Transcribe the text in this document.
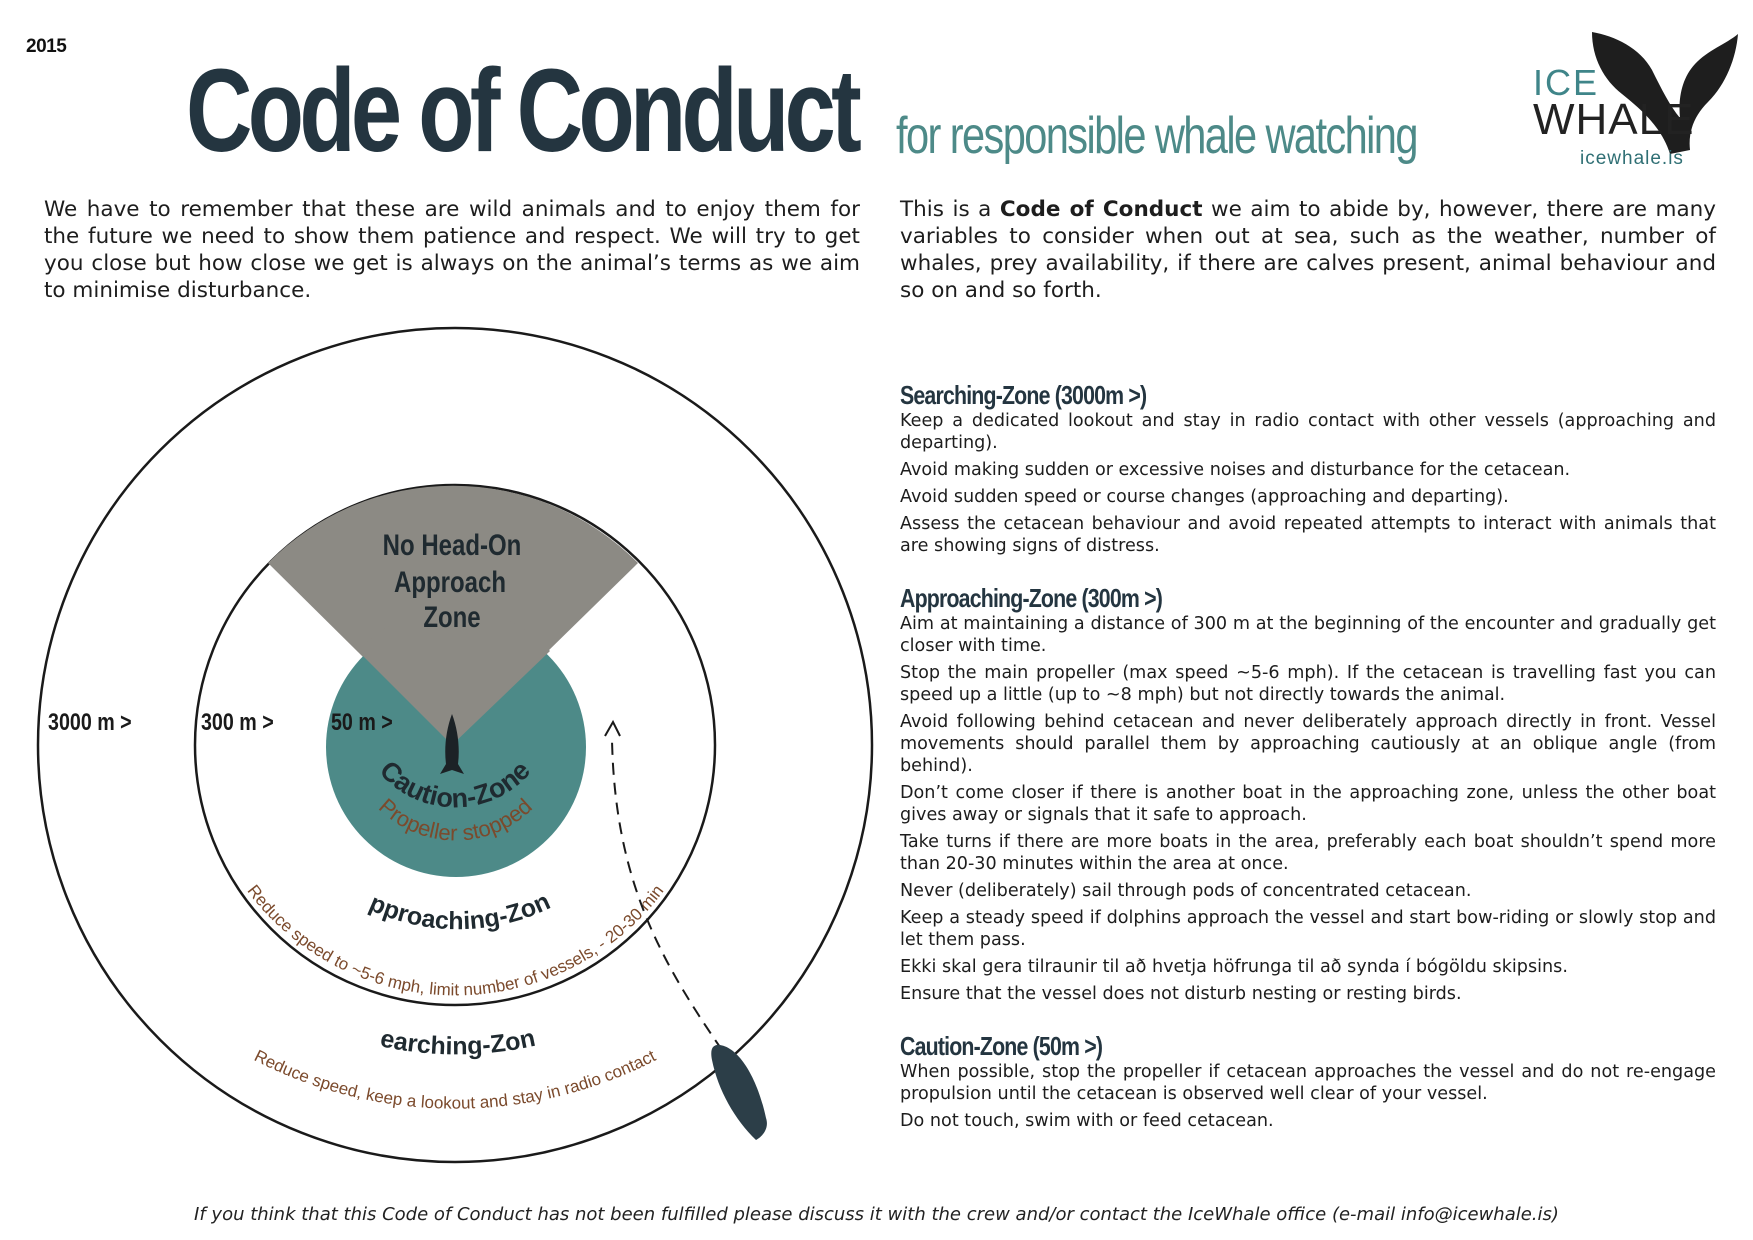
2015 Code of Conduct for responsible whale watching
ICE
WHALE
icewhale.is
We have to remember that these are wild animals and to enjoy them for the future we need to show them patience and respect. We will try to get you close but how close we get is always on the animal’s terms as we aim to minimise disturbance.
This is a Code of Conduct we aim to abide by, however, there are many variables to consider when out at sea, such as the weather, number of whales, prey availability, if there are calves present, animal behaviour and so on and so forth.
No Head-On
Approach
Zone
3000 m >	300 m > 50 m >
Caution-Zone
Propeller stopped
pproaching-Zon
Reduce speed to ~5-6 mph, limit number of vessels, - 20-30 min
earching-Zon
Reduce speed, keep a lookout and stay in radio contact
Searching-Zone (3000m >)

Keep a dedicated lookout and stay in radio contact with other vessels (approaching and departing).

Avoid making sudden or excessive noises and disturbance for the cetacean.

Avoid sudden speed or course changes (approaching and departing).

Assess the cetacean behaviour and avoid repeated attempts to interact with animals that are showing signs of distress.

Approaching-Zone (300m >)

Aim at maintaining a distance of 300 m at the beginning of the encounter and gradually get closer with time.

Stop the main propeller (max speed ~5-6 mph). If the cetacean is travelling fast you can speed up a little (up to ~8 mph) but not directly towards the animal.

Avoid following behind cetacean and never deliberately approach directly in front. Vessel movements should parallel them by approaching cautiously at an oblique angle (from behind).

Don’t come closer if there is another boat in the approaching zone, unless the other boat gives away or signals that it safe to approach.

Take turns if there are more boats in the area, preferably each boat shouldn’t spend more than 20-30 minutes within the area at once.

Never (deliberately) sail through pods of concentrated cetacean.

Keep a steady speed if dolphins approach the vessel and start bow-riding or slowly stop and let them pass.

Ekki skal gera tilraunir til að hvetja höfrunga til að synda í bógöldu skipsins.

Ensure that the vessel does not disturb nesting or resting birds.

Caution-Zone (50m >)

When possible, stop the propeller if cetacean approaches the vessel and do not re-engage propulsion until the cetacean is observed well clear of your vessel.

Do not touch, swim with or feed cetacean.

If you think that this Code of Conduct has not been fulfilled please discuss it with the crew and/or contact the IceWhale office (e-mail info@icewhale.is)
